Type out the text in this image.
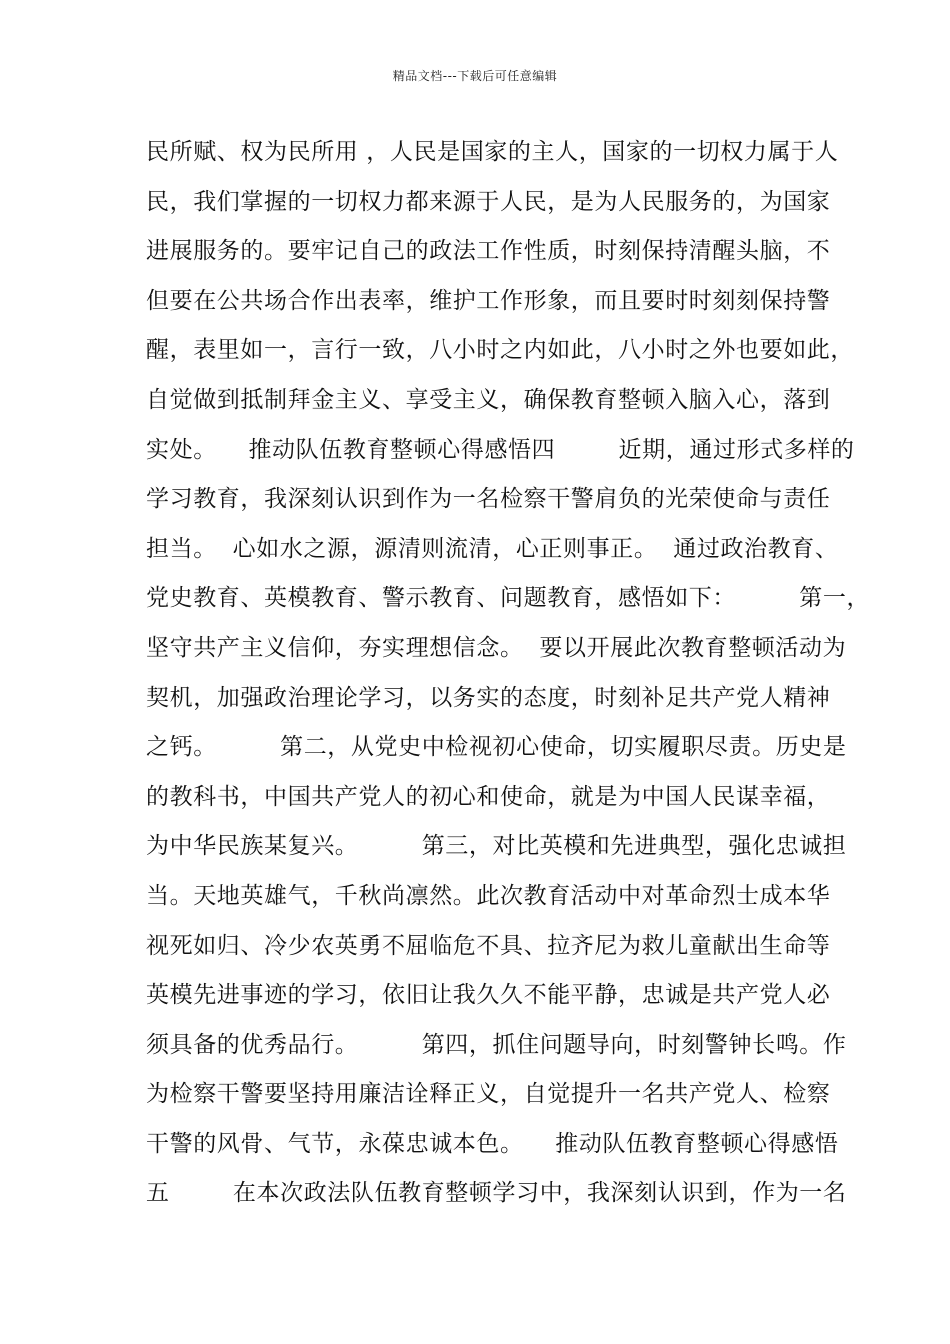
精品文档---下载后可任意编辑
民所赋、权为民所用 ，人民是国家的主人，国家的一切权力属于人
民，我们掌握的一切权力都来源于人民，是为人民服务的，为国家
进展服务的。要牢记自己的政法工作性质，时刻保持清醒头脑，不
但要在公共场合作出表率，维护工作形象，而且要时时刻刻保持警
醒，表里如一，言行一致，八小时之内如此，八小时之外也要如此，
自觉做到抵制拜金主义、享受主义，确保教育整顿入脑入心，落到
实处。    推动队伍教育整顿心得感悟四        近期，通过形式多样的
学习教育，我深刻认识到作为一名检察干警肩负的光荣使命与责任
担当。  心如水之源，源清则流清，心正则事正。  通过政治教育、
党史教育、英模教育、警示教育、问题教育，感悟如下：        第一，
坚守共产主义信仰，夯实理想信念。  要以开展此次教育整顿活动为
契机，加强政治理论学习，以务实的态度，时刻补足共产党人精神
之钙。        第二，从党史中检视初心使命，切实履职尽责。历史是
的教科书，中国共产党人的初心和使命，就是为中国人民谋幸福，
为中华民族某复兴。        第三，对比英模和先进典型，强化忠诚担
当。天地英雄气，千秋尚凛然。此次教育活动中对革命烈士成本华
视死如归、冷少农英勇不屈临危不具、拉齐尼为救儿童献出生命等
英模先进事迹的学习，依旧让我久久不能平静，忠诚是共产党人必
须具备的优秀品行。        第四，抓住问题导向，时刻警钟长鸣。作
为检察干警要坚持用廉洁诠释正义，自觉提升一名共产党人、检察
干警的风骨、气节，永葆忠诚本色。    推动队伍教育整顿心得感悟
五        在本次政法队伍教育整顿学习中，我深刻认识到，作为一名
